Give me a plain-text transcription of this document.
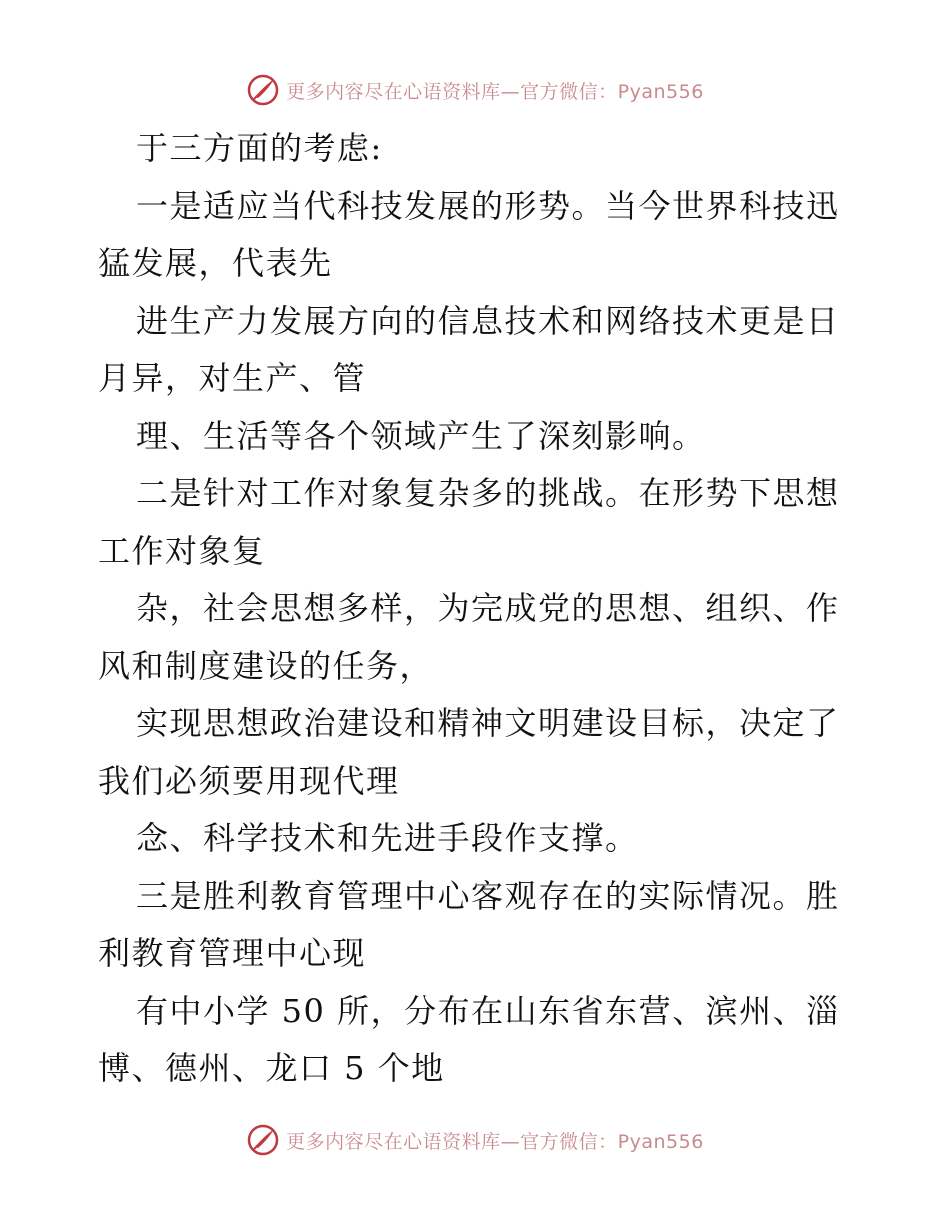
更多内容尽在心语资料库—官方微信：Pyan556
于三方面的考虑:
一是适应当代科技发展的形势。当今世界科技迅
猛发展，代表先
进生产力发展方向的信息技术和网络技术更是日
月异，对生产、管
理、生活等各个领域产生了深刻影响。
二是针对工作对象复杂多的挑战。在形势下思想
工作对象复
杂，社会思想多样，为完成党的思想、组织、作
风和制度建设的任务，
实现思想政治建设和精神文明建设目标，决定了
我们必须要用现代理
念、科学技术和先进手段作支撑。
三是胜利教育管理中心客观存在的实际情况。胜
利教育管理中心现
有中小学 50 所，分布在山东省东营、滨州、淄
博、德州、龙口 5 个地
更多内容尽在心语资料库—官方微信：Pyan556
